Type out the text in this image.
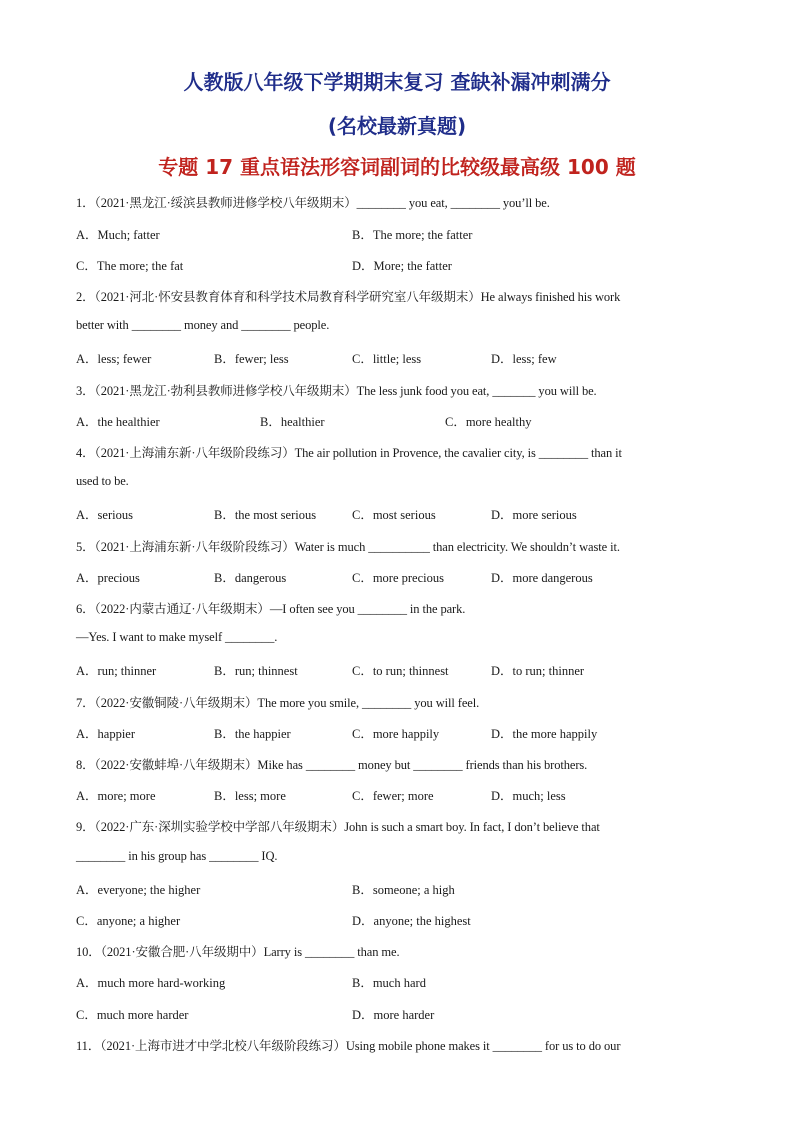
人教版八年级下学期期末复习 查缺补漏冲刺满分
(名校最新真题)
专题 17 重点语法形容词副词的比较级最高级 100 题
1．（2021·黑龙江·绥滨县教师进修学校八年级期末）________ you eat, ________ you’ll be.
A．Much; fatter	B．The more; the fatter
C．The more; the fat	D．More; the fatter
2．（2021·河北·怀安县教育体育和科学技术局教育科学研究室八年级期末）He always finished his work
better with ________ money and ________ people.
A．less; fewer	B．fewer; less	C．little; less	D．less; few
3．（2021·黑龙江·勃利县教师进修学校八年级期末）The less junk food you eat, _______ you will be.
A．the healthier	B．healthier	C．more healthy
4．（2021·上海浦东新·八年级阶段练习）The air pollution in Provence, the cavalier city, is ________ than it
used to be.
A．serious	B．the most serious	C．most serious	D．more serious
5．（2021·上海浦东新·八年级阶段练习）Water is much __________ than electricity. We shouldn’t waste it.
A．precious	B．dangerous	C．more precious	D．more dangerous
6．（2022·内蒙古通辽·八年级期末）—I often see you ________ in the park.
—Yes. I want to make myself ________.
A．run; thinner	B．run; thinnest	C．to run; thinnest	D．to run; thinner
7．（2022·安徽铜陵·八年级期末）The more you smile, ________ you will feel.
A．happier	B．the happier	C．more happily	D．the more happily
8．（2022·安徽蚌埠·八年级期末）Mike has ________ money but ________ friends than his brothers.
A．more; more	B．less; more	C．fewer; more	D．much; less
9．（2022·广东·深圳实验学校中学部八年级期末）John is such a smart boy. In fact, I don’t believe that
________ in his group has ________ IQ.
A．everyone; the higher	B．someone; a high
C．anyone; a higher	D．anyone; the highest
10．（2021·安徽合肥·八年级期中）Larry is ________ than me.
A．much more hard-working	B．much hard
C．much more harder	D．more harder
11．（2021·上海市进才中学北校八年级阶段练习）Using mobile phone makes it ________ for us to do our
